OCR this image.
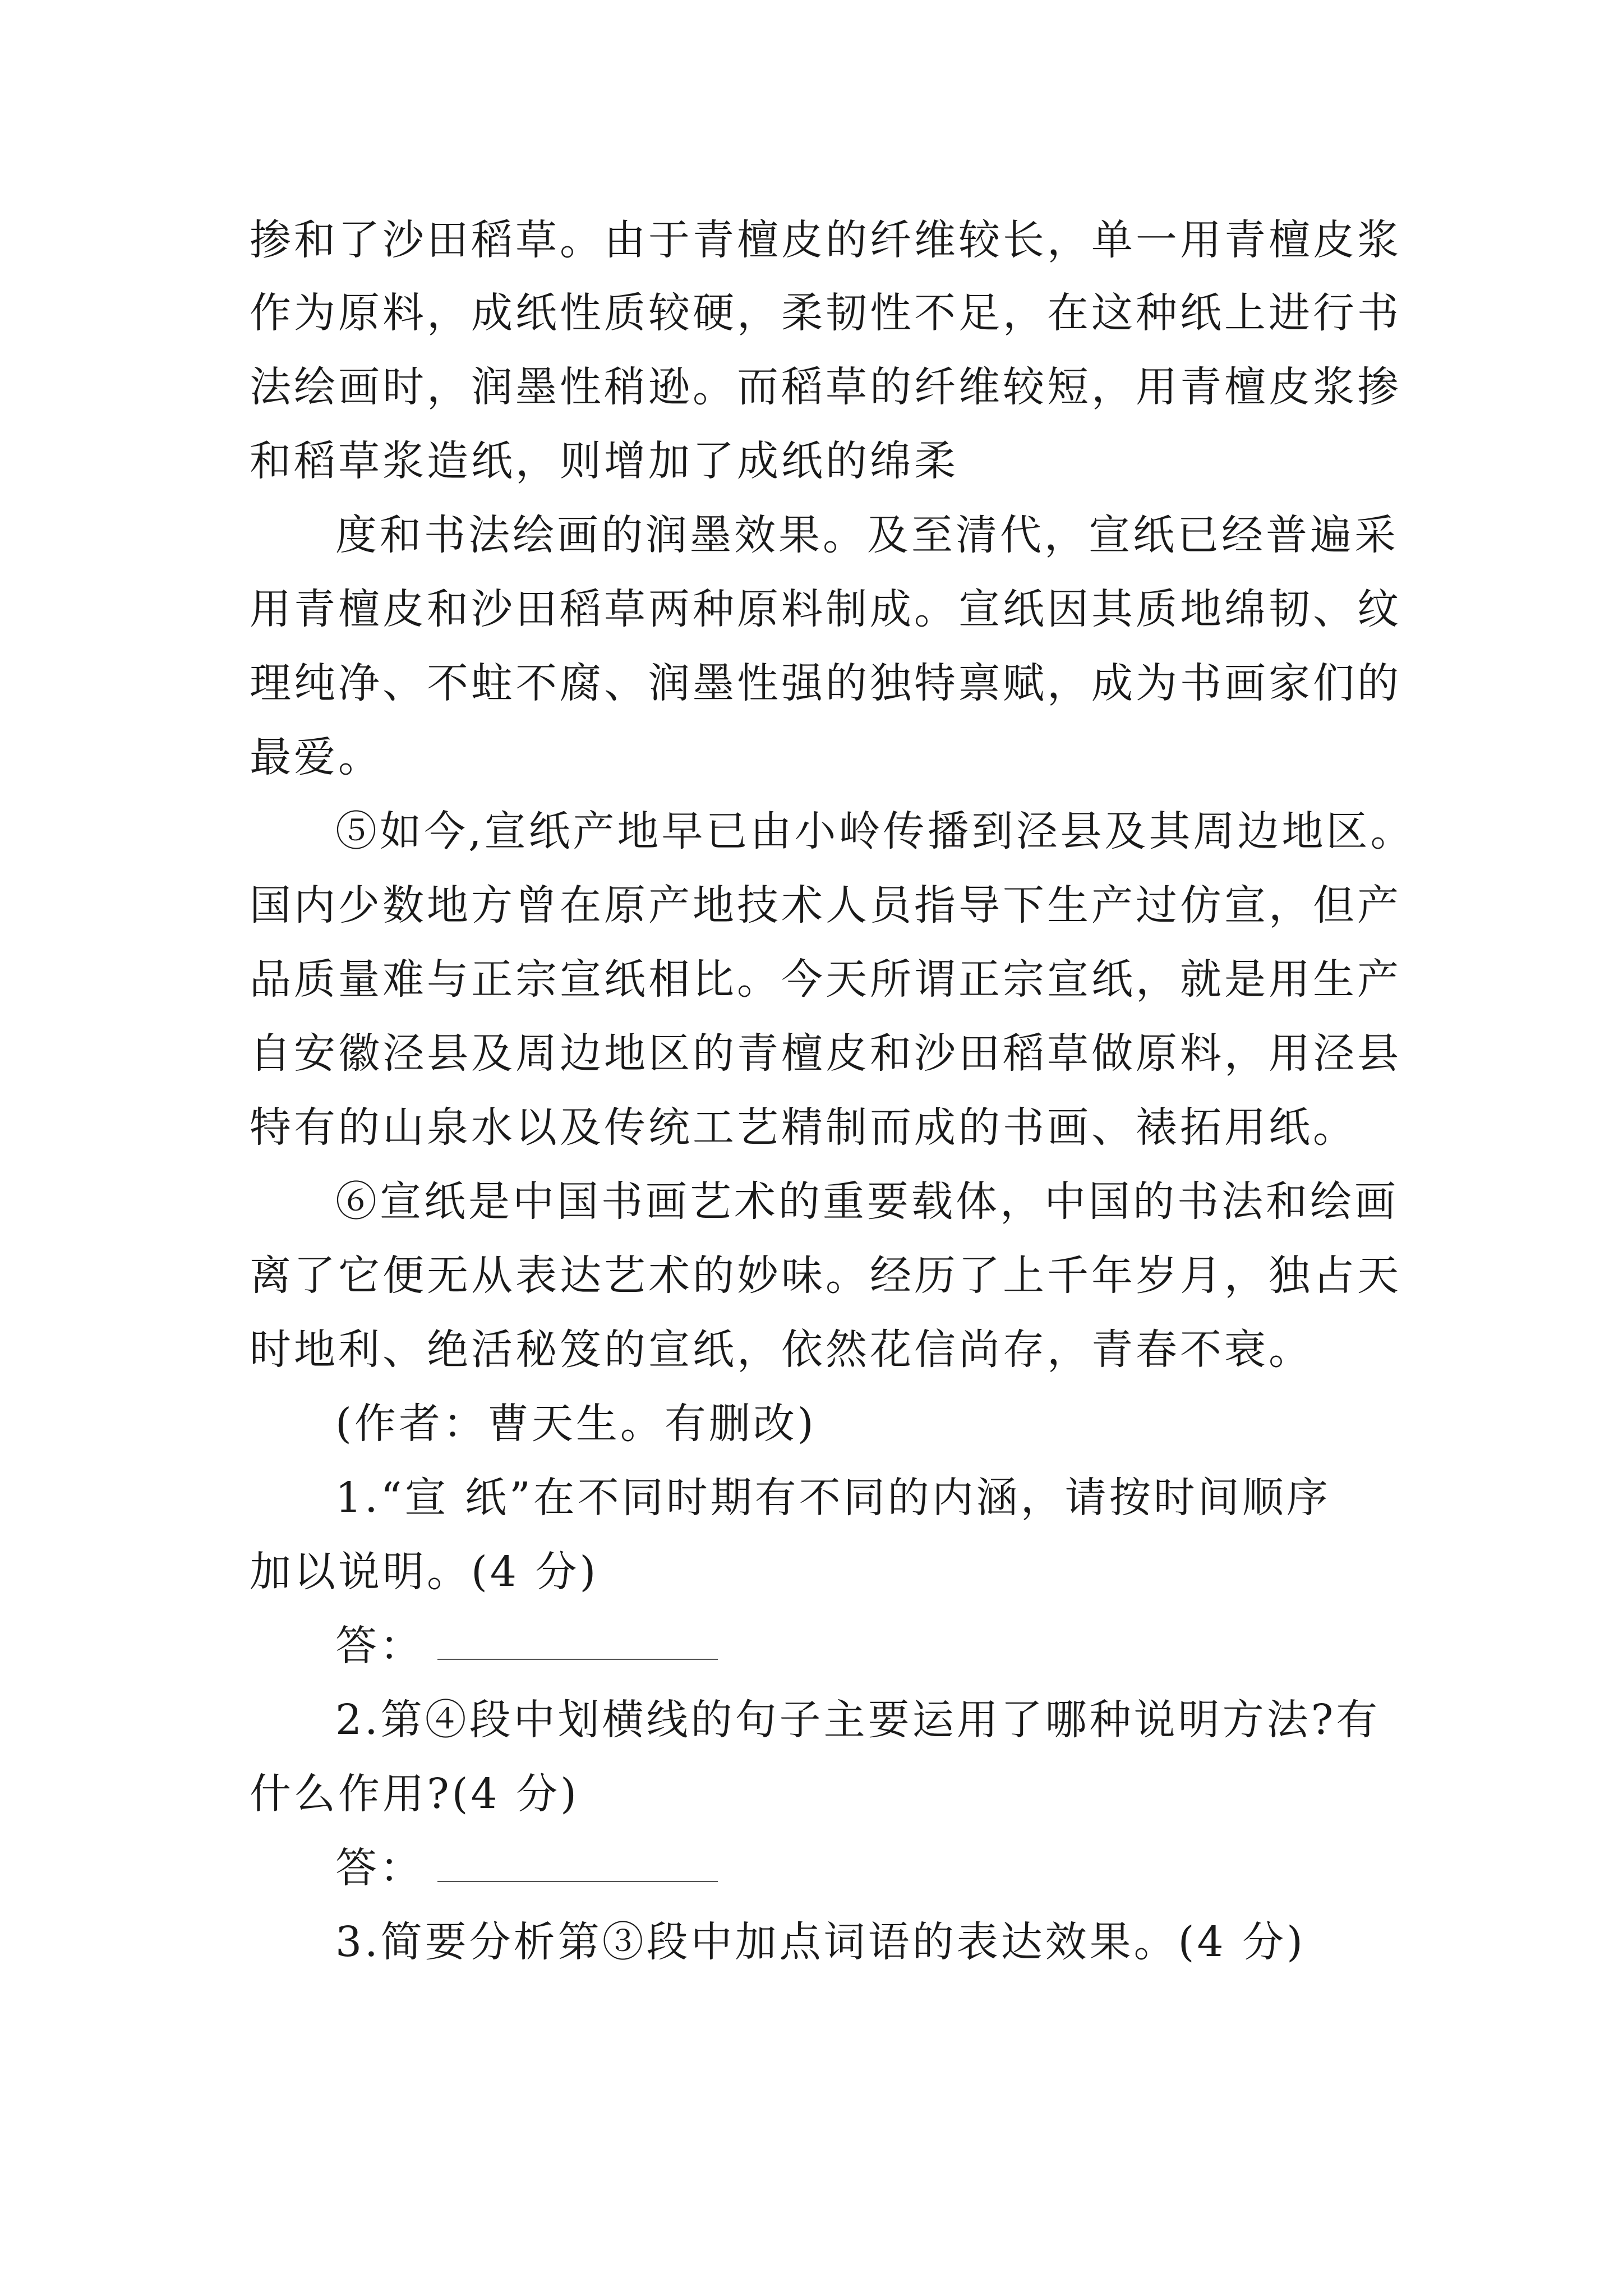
掺和了沙田稻草。由于青檀皮的纤维较长，单一用青檀皮浆
作为原料，成纸性质较硬，柔韧性不足，在这种纸上进行书
法绘画时，润墨性稍逊。而稻草的纤维较短，用青檀皮浆掺
和稻草浆造纸，则增加了成纸的绵柔
度和书法绘画的润墨效果。及至清代，宣纸已经普遍采
用青檀皮和沙田稻草两种原料制成。宣纸因其质地绵韧、纹
理纯净、不蛀不腐、润墨性强的独特禀赋，成为书画家们的
最爱。
⑤如今,宣纸产地早已由小岭传播到泾县及其周边地区。
国内少数地方曾在原产地技术人员指导下生产过仿宣，但产
品质量难与正宗宣纸相比。今天所谓正宗宣纸，就是用生产
自安徽泾县及周边地区的青檀皮和沙田稻草做原料，用泾县
特有的山泉水以及传统工艺精制而成的书画、裱拓用纸。
⑥宣纸是中国书画艺术的重要载体，中国的书法和绘画
离了它便无从表达艺术的妙味。经历了上千年岁月，独占天
时地利、绝活秘笈的宣纸，依然花信尚存，青春不衰。
(作者：曹天生。有删改)
1.“宣 纸”在不同时期有不同的内涵，请按时间顺序
加以说明。(4 分)
答：
2.第④段中划横线的句子主要运用了哪种说明方法?有
什么作用?(4 分)
答：
3.简要分析第③段中加点词语的表达效果。(4 分)
